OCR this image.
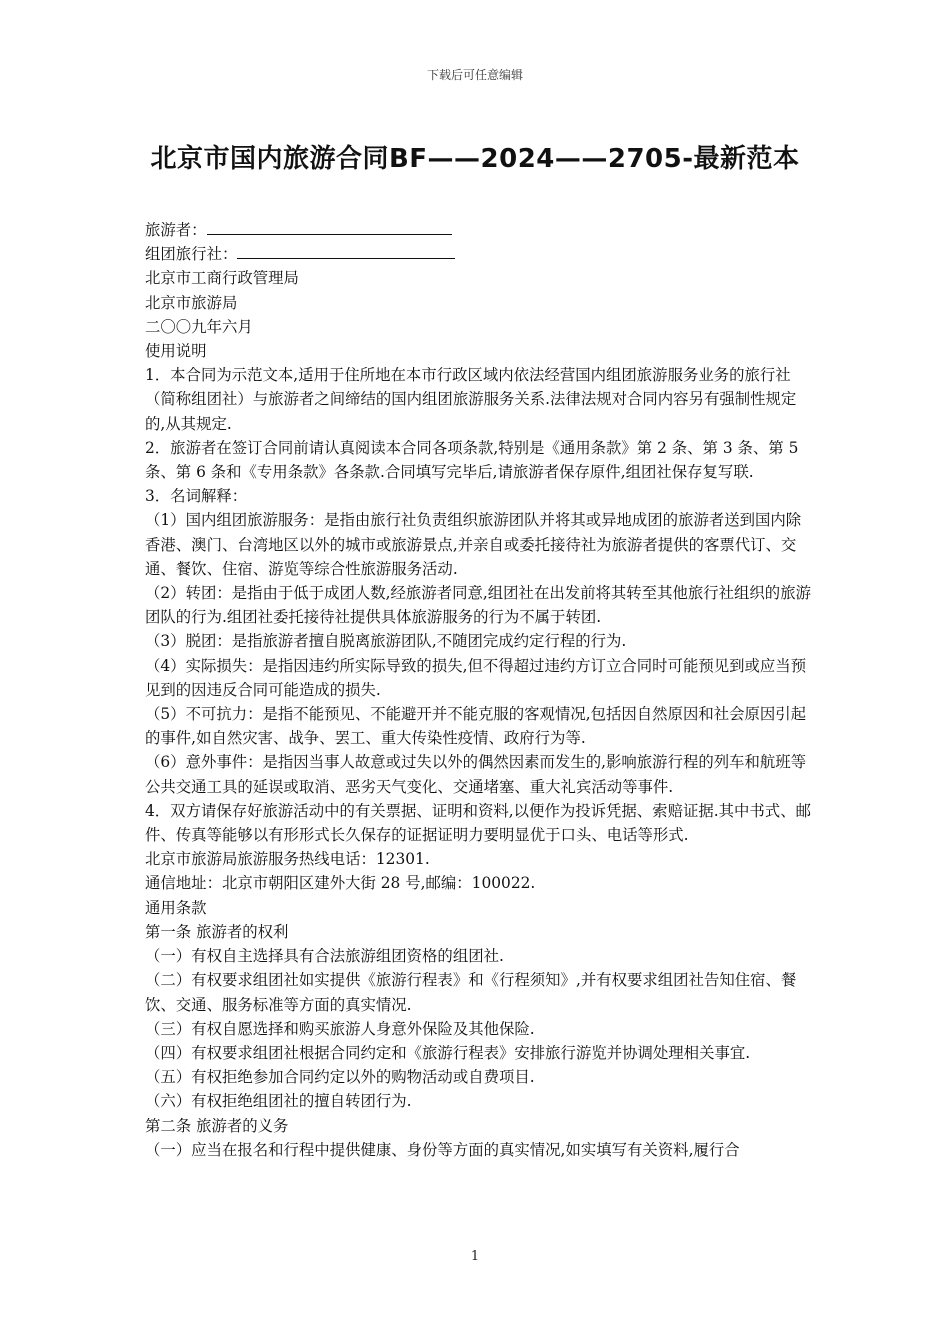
下载后可任意编辑
北京市国内旅游合同BF——2024——2705-最新范本

旅游者：

组团旅行社：

北京市工商行政管理局

北京市旅游局

二〇〇九年六月

使用说明

1．本合同为示范文本,适用于住所地在本市行政区域内依法经营国内组团旅游服务业务的旅行社（简称组团社）与旅游者之间缔结的国内组团旅游服务关系.法律法规对合同内容另有强制性规定的,从其规定.

2．旅游者在签订合同前请认真阅读本合同各项条款,特别是《通用条款》第 2 条、第 3 条、第 5 条、第 6 条和《专用条款》各条款.合同填写完毕后,请旅游者保存原件,组团社保存复写联.

3．名词解释：

（1）国内组团旅游服务：是指由旅行社负责组织旅游团队并将其或异地成团的旅游者送到国内除香港、澳门、台湾地区以外的城市或旅游景点,并亲自或委托接待社为旅游者提供的客票代订、交通、餐饮、住宿、游览等综合性旅游服务活动.

（2）转团：是指由于低于成团人数,经旅游者同意,组团社在出发前将其转至其他旅行社组织的旅游团队的行为.组团社委托接待社提供具体旅游服务的行为不属于转团.

（3）脱团：是指旅游者擅自脱离旅游团队,不随团完成约定行程的行为.

（4）实际损失：是指因违约所实际导致的损失,但不得超过违约方订立合同时可能预见到或应当预见到的因违反合同可能造成的损失.

（5）不可抗力：是指不能预见、不能避开并不能克服的客观情况,包括因自然原因和社会原因引起的事件,如自然灾害、战争、罢工、重大传染性疫情、政府行为等.

（6）意外事件：是指因当事人故意或过失以外的偶然因素而发生的,影响旅游行程的列车和航班等公共交通工具的延误或取消、恶劣天气变化、交通堵塞、重大礼宾活动等事件.

4．双方请保存好旅游活动中的有关票据、证明和资料,以便作为投诉凭据、索赔证据.其中书式、邮件、传真等能够以有形形式长久保存的证据证明力要明显优于口头、电话等形式.

北京市旅游局旅游服务热线电话：12301.

通信地址：北京市朝阳区建外大街 28 号,邮编：100022.

通用条款

第一条 旅游者的权利

（一）有权自主选择具有合法旅游组团资格的组团社.

（二）有权要求组团社如实提供《旅游行程表》和《行程须知》,并有权要求组团社告知住宿、餐饮、交通、服务标准等方面的真实情况.

（三）有权自愿选择和购买旅游人身意外保险及其他保险.

（四）有权要求组团社根据合同约定和《旅游行程表》安排旅行游览并协调处理相关事宜.

（五）有权拒绝参加合同约定以外的购物活动或自费项目.

（六）有权拒绝组团社的擅自转团行为.

第二条 旅游者的义务

（一）应当在报名和行程中提供健康、身份等方面的真实情况,如实填写有关资料,履行合

1
